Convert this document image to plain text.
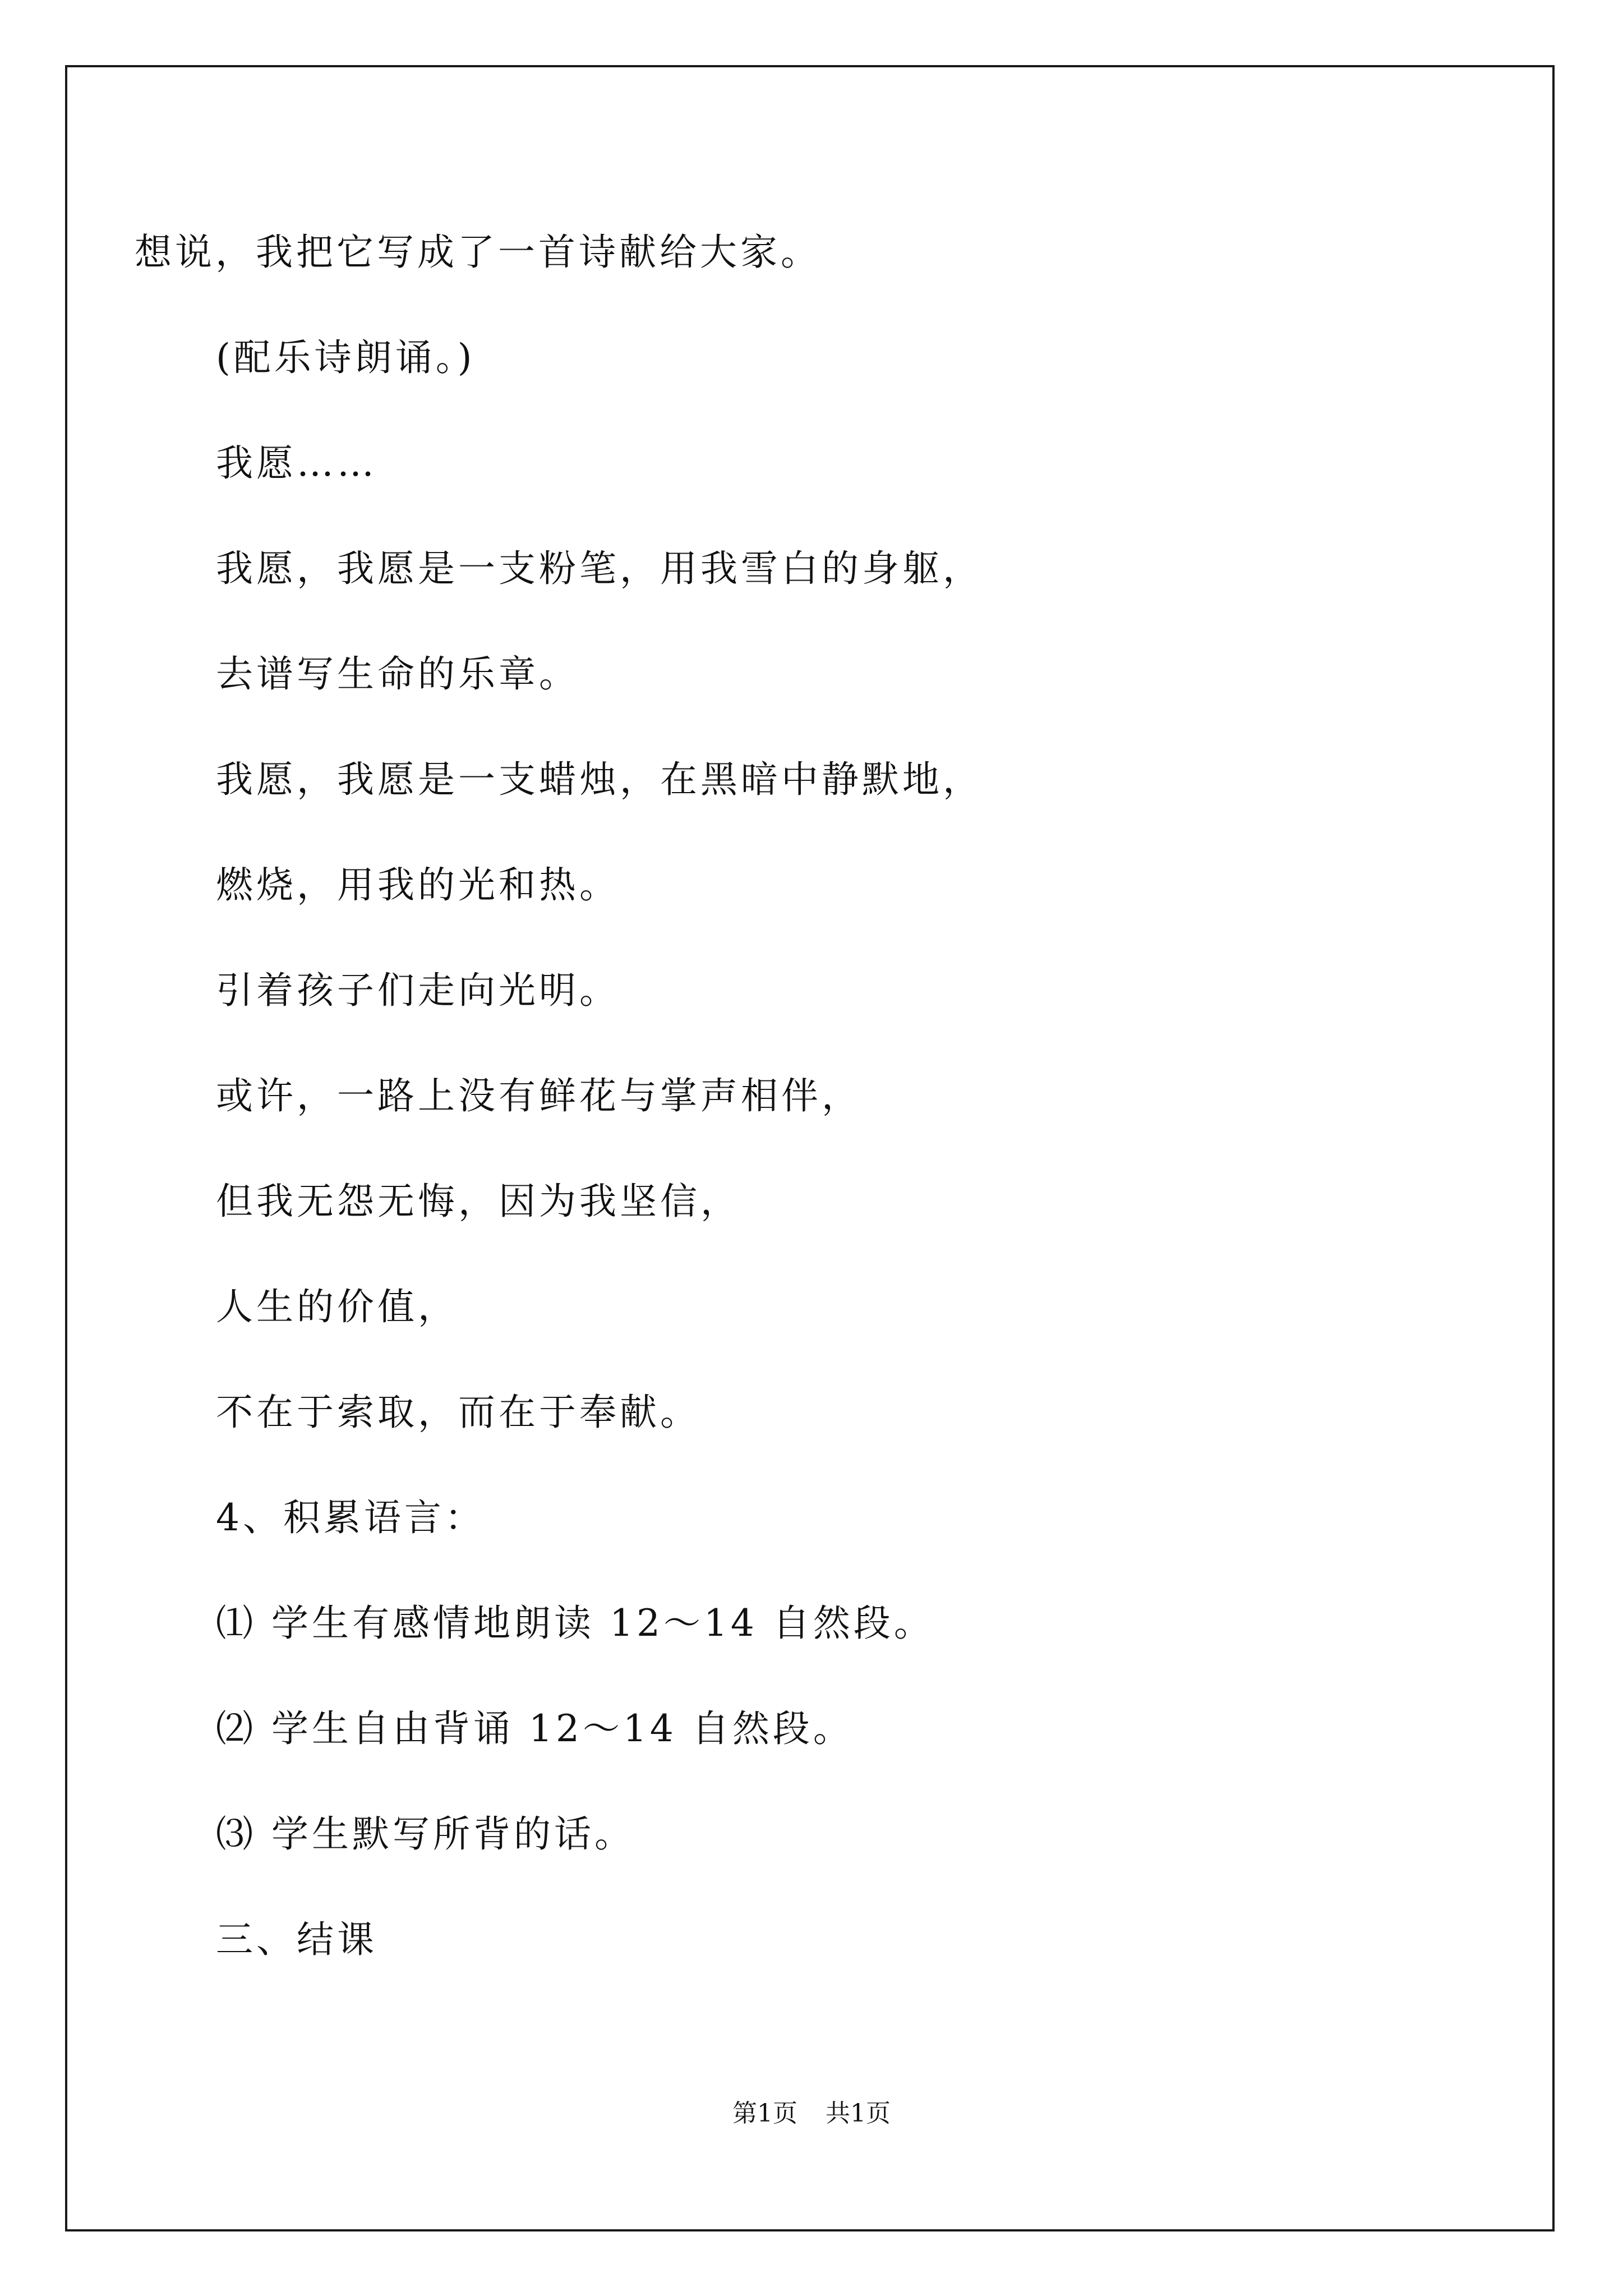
想说，我把它写成了一首诗献给大家。
(配乐诗朗诵。)
我愿……
我愿，我愿是一支粉笔，用我雪白的身躯，
去谱写生命的乐章。
我愿，我愿是一支蜡烛，在黑暗中静默地，
燃烧，用我的光和热。
引着孩子们走向光明。
或许，一路上没有鲜花与掌声相伴，
但我无怨无悔，因为我坚信，
人生的价值，
不在于索取，而在于奉献。
4、积累语言：
⑴ 学生有感情地朗读 12～14 自然段。
⑵ 学生自由背诵 12～14 自然段。
⑶ 学生默写所背的话。
三、结课
第1页 共1页
